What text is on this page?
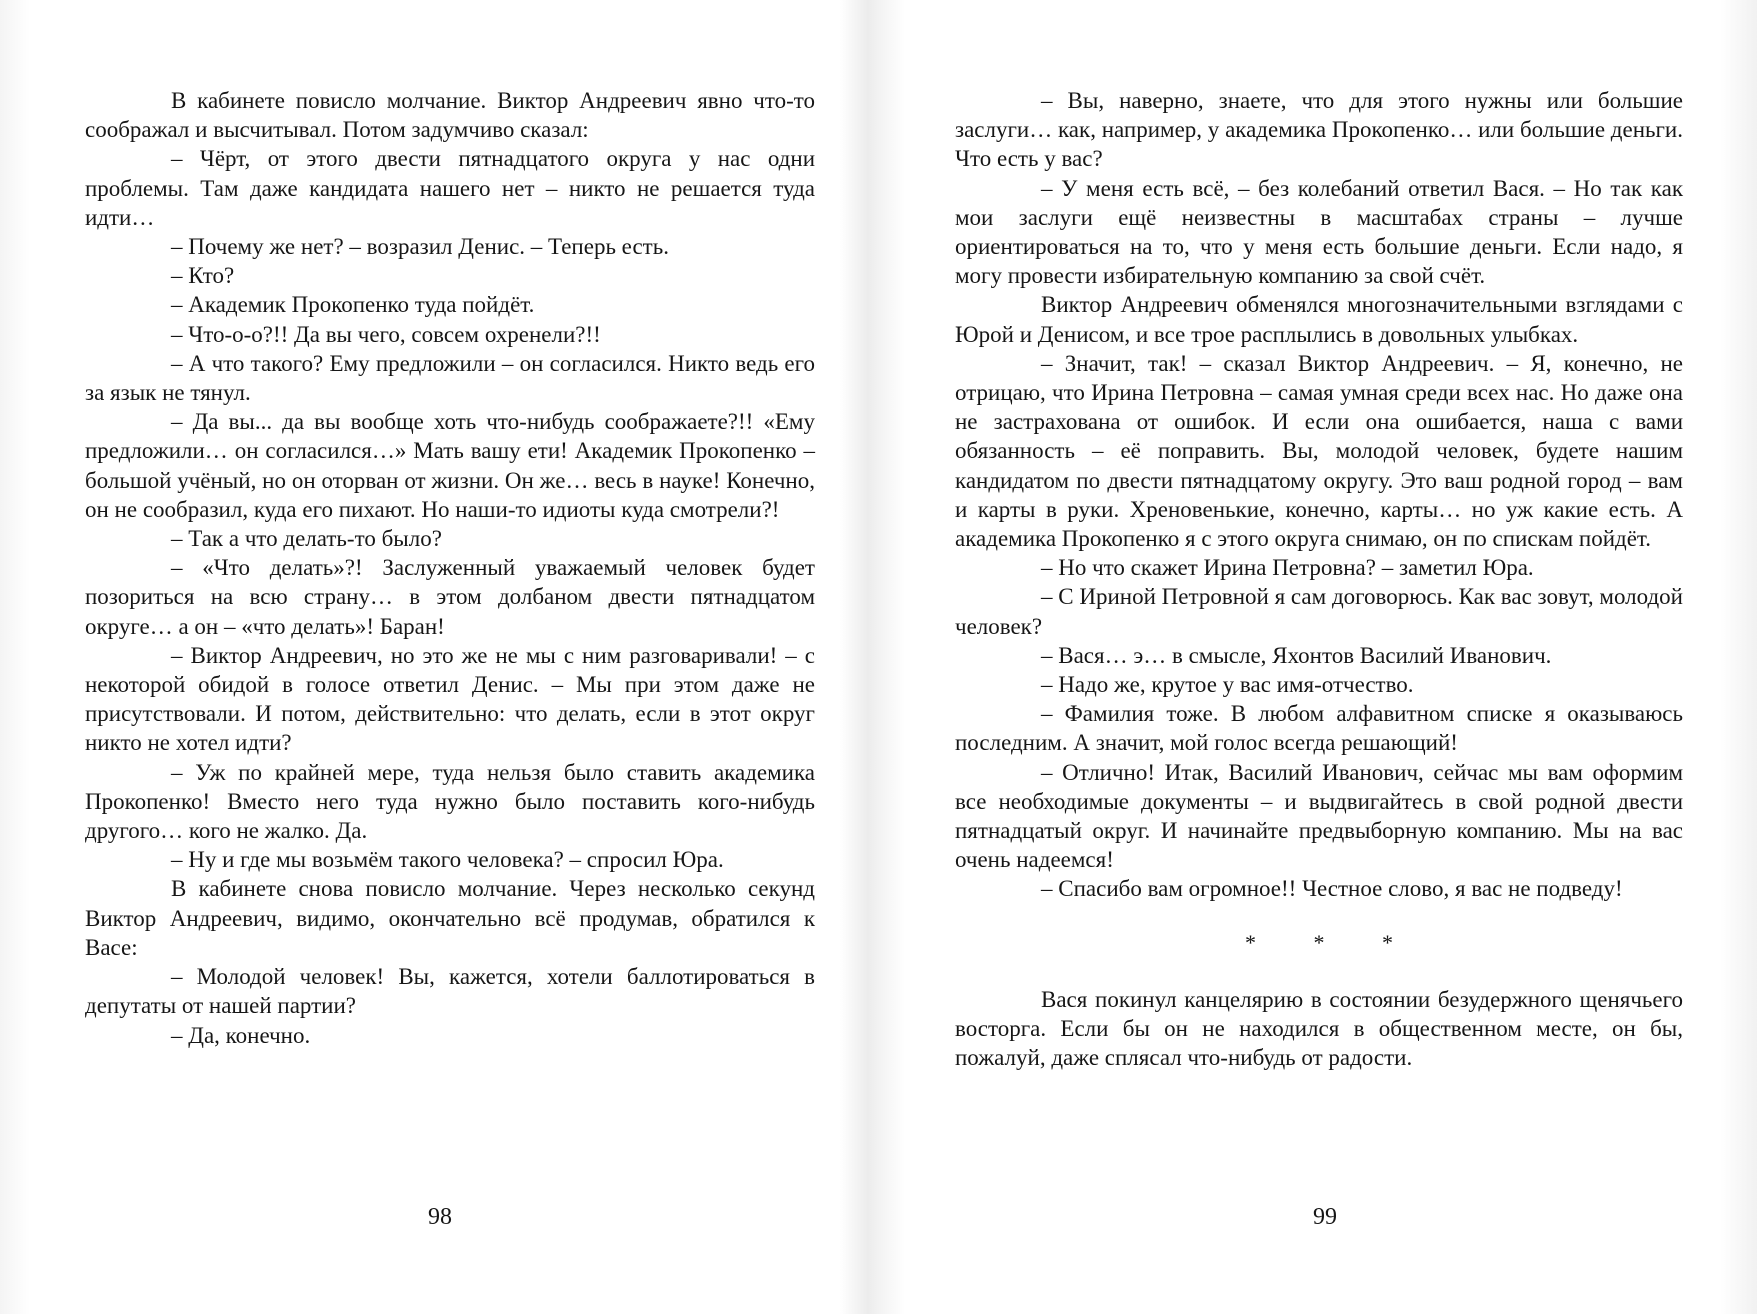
В кабинете повисло молчание. Виктор Андреевич явно что-то соображал и высчитывал. Потом задумчиво сказал:

– Чёрт, от этого двести пятнадцатого округа у нас одни проблемы. Там даже кандидата нашего нет – никто не решается туда идти…

– Почему же нет? – возразил Денис. – Теперь есть.

– Кто?

– Академик Прокопенко туда пойдёт.

– Что-о-о?!! Да вы чего, совсем охренели?!!

– А что такого? Ему предложили – он согласился. Никто ведь его за язык не тянул.

– Да вы... да вы вообще хоть что-нибудь соображаете?!! «Ему предложили… он согласился…» Мать вашу ети! Академик Прокопенко – большой учёный, но он оторван от жизни. Он же… весь в науке! Конечно, он не сообразил, куда его пихают. Но наши-то идиоты куда смотрели?!

– Так а что делать-то было?

– «Что делать»?! Заслуженный уважаемый человек будет позориться на всю страну… в этом долбаном двести пятнадцатом округе… а он – «что делать»! Баран!

– Виктор Андреевич, но это же не мы с ним разговаривали! – с некоторой обидой в голосе ответил Денис. – Мы при этом даже не присутствовали. И потом, действительно: что делать, если в этот округ никто не хотел идти?

– Уж по крайней мере, туда нельзя было ставить академика Прокопенко! Вместо него туда нужно было поставить кого-нибудь другого… кого не жалко. Да.

– Ну и где мы возьмём такого человека? – спросил Юра.

В кабинете снова повисло молчание. Через несколько секунд Виктор Андреевич, видимо, окончательно всё продумав, обратился к Васе:

– Молодой человек! Вы, кажется, хотели баллотироваться в депутаты от нашей партии?

– Да, конечно.

– Вы, наверно, знаете, что для этого нужны или большие заслуги… как, например, у академика Прокопенко… или большие деньги. Что есть у вас?

– У меня есть всё, – без колебаний ответил Вася. – Но так как мои заслуги ещё неизвестны в масштабах страны – лучше ориентироваться на то, что у меня есть большие деньги. Если надо, я могу провести избирательную компанию за свой счёт.

Виктор Андреевич обменялся многозначительными взглядами с Юрой и Денисом, и все трое расплылись в довольных улыбках.

– Значит, так! – сказал Виктор Андреевич. – Я, конечно, не отрицаю, что Ирина Петровна – самая умная среди всех нас. Но даже она не застрахована от ошибок. И если она ошибается, наша с вами обязанность – её поправить. Вы, молодой человек, будете нашим кандидатом по двести пятнадцатому округу. Это ваш родной город – вам и карты в руки. Хреновенькие, конечно, карты… но уж какие есть. А академика Прокопенко я с этого округа снимаю, он по спискам пойдёт.

– Но что скажет Ирина Петровна? – заметил Юра.

– С Ириной Петровной я сам договорюсь. Как вас зовут, молодой человек?

– Вася… э… в смысле, Яхонтов Василий Иванович.

– Надо же, крутое у вас имя-отчество.

– Фамилия тоже. В любом алфавитном списке я оказываюсь последним. А значит, мой голос всегда решающий!

– Отлично! Итак, Василий Иванович, сейчас мы вам оформим все необходимые документы – и выдвигайтесь в свой родной двести пятнадцатый округ. И начинайте предвыборную компанию. Мы на вас очень надеемся!

– Спасибо вам огромное!! Честное слово, я вас не подведу!

* * *

Вася покинул канцелярию в состоянии безудержного щенячьего восторга. Если бы он не находился в общественном месте, он бы, пожалуй, даже сплясал что-нибудь от радости.

98	99
